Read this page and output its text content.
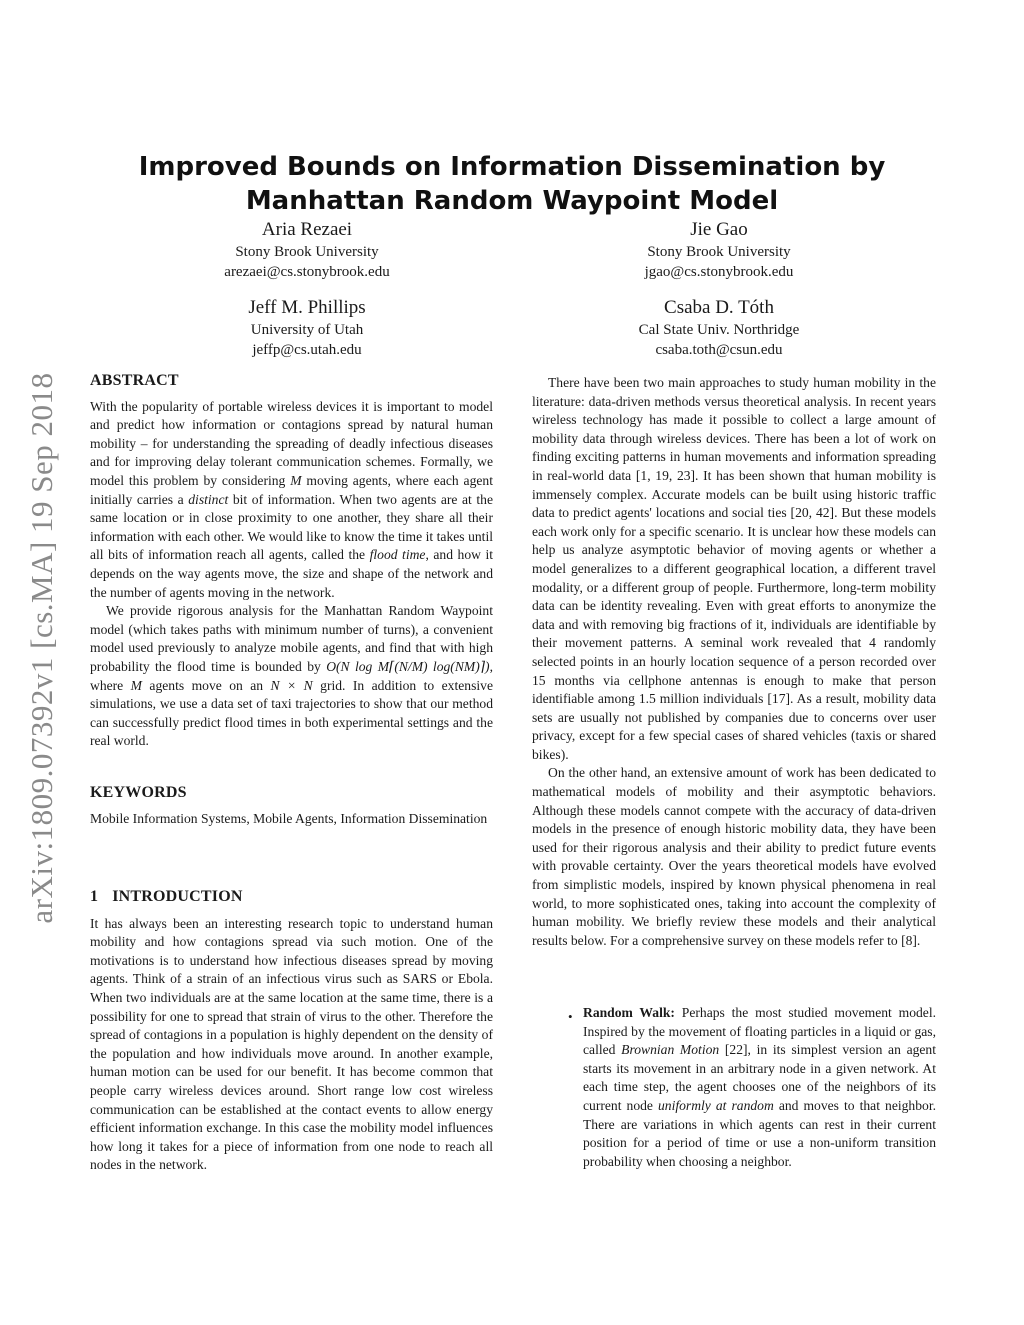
arXiv:1809.07392v1 [cs.MA] 19 Sep 2018
Improved Bounds on Information Dissemination by Manhattan Random Waypoint Model
Aria Rezaei
Stony Brook University
arezaei@cs.stonybrook.edu
Jie Gao
Stony Brook University
jgao@cs.stonybrook.edu
Jeff M. Phillips
University of Utah
jeffp@cs.utah.edu
Csaba D. Tóth
Cal State Univ. Northridge
csaba.toth@csun.edu
ABSTRACT

With the popularity of portable wireless devices it is important to model and predict how information or contagions spread by natural human mobility – for understanding the spreading of deadly infectious diseases and for improving delay tolerant communication schemes. Formally, we model this problem by considering M moving agents, where each agent initially carries a distinct bit of information. When two agents are at the same location or in close proximity to one another, they share all their information with each other. We would like to know the time it takes until all bits of information reach all agents, called the flood time, and how it depends on the way agents move, the size and shape of the network and the number of agents moving in the network.

We provide rigorous analysis for the Manhattan Random Waypoint model (which takes paths with minimum number of turns), a convenient model used previously to analyze mobile agents, and find that with high probability the flood time is bounded by O(N log M⌈(N/M) log(NM)⌉), where M agents move on an N × N grid. In addition to extensive simulations, we use a data set of taxi trajectories to show that our method can successfully predict flood times in both experimental settings and the real world.

KEYWORDS

Mobile Information Systems, Mobile Agents, Information Dissemination

1 INTRODUCTION

It has always been an interesting research topic to understand human mobility and how contagions spread via such motion. One of the motivations is to understand how infectious diseases spread by moving agents. Think of a strain of an infectious virus such as SARS or Ebola. When two individuals are at the same location at the same time, there is a possibility for one to spread that strain of virus to the other. Therefore the spread of contagions in a population is highly dependent on the density of the population and how individuals move around. In another example, human motion can be used for our benefit. It has become common that people carry wireless devices around. Short range low cost wireless communication can be established at the contact events to allow energy efficient information exchange. In this case the mobility model influences how long it takes for a piece of information from one node to reach all nodes in the network.

There have been two main approaches to study human mobility in the literature: data-driven methods versus theoretical analysis. In recent years wireless technology has made it possible to collect a large amount of mobility data through wireless devices. There has been a lot of work on finding exciting patterns in human movements and information spreading in real-world data [1, 19, 23]. It has been shown that human mobility is immensely complex. Accurate models can be built using historic traffic data to predict agents' locations and social ties [20, 42]. But these models each work only for a specific scenario. It is unclear how these models can help us analyze asymptotic behavior of moving agents or whether a model generalizes to a different geographical location, a different travel modality, or a different group of people. Furthermore, long-term mobility data can be identity revealing. Even with great efforts to anonymize the data and with removing big fractions of it, individuals are identifiable by their movement patterns. A seminal work revealed that 4 randomly selected points in an hourly location sequence of a person recorded over 15 months via cellphone antennas is enough to make that person identifiable among 1.5 million individuals [17]. As a result, mobility data sets are usually not published by companies due to concerns over user privacy, except for a few special cases of shared vehicles (taxis or shared bikes).

On the other hand, an extensive amount of work has been dedicated to mathematical models of mobility and their asymptotic behaviors. Although these models cannot compete with the accuracy of data-driven models in the presence of enough historic mobility data, they have been used for their rigorous analysis and their ability to predict future events with provable certainty. Over the years theoretical models have evolved from simplistic models, inspired by known physical phenomena in real world, to more sophisticated ones, taking into account the complexity of human mobility. We briefly review these models and their analytical results below. For a comprehensive survey on these models refer to [8].

• Random Walk: Perhaps the most studied movement model. Inspired by the movement of floating particles in a liquid or gas, called Brownian Motion [22], in its simplest version an agent starts its movement in an arbitrary node in a given network. At each time step, the agent chooses one of the neighbors of its current node uniformly at random and moves to that neighbor. There are variations in which agents can rest in their current position for a period of time or use a non-uniform transition probability when choosing a neighbor.
